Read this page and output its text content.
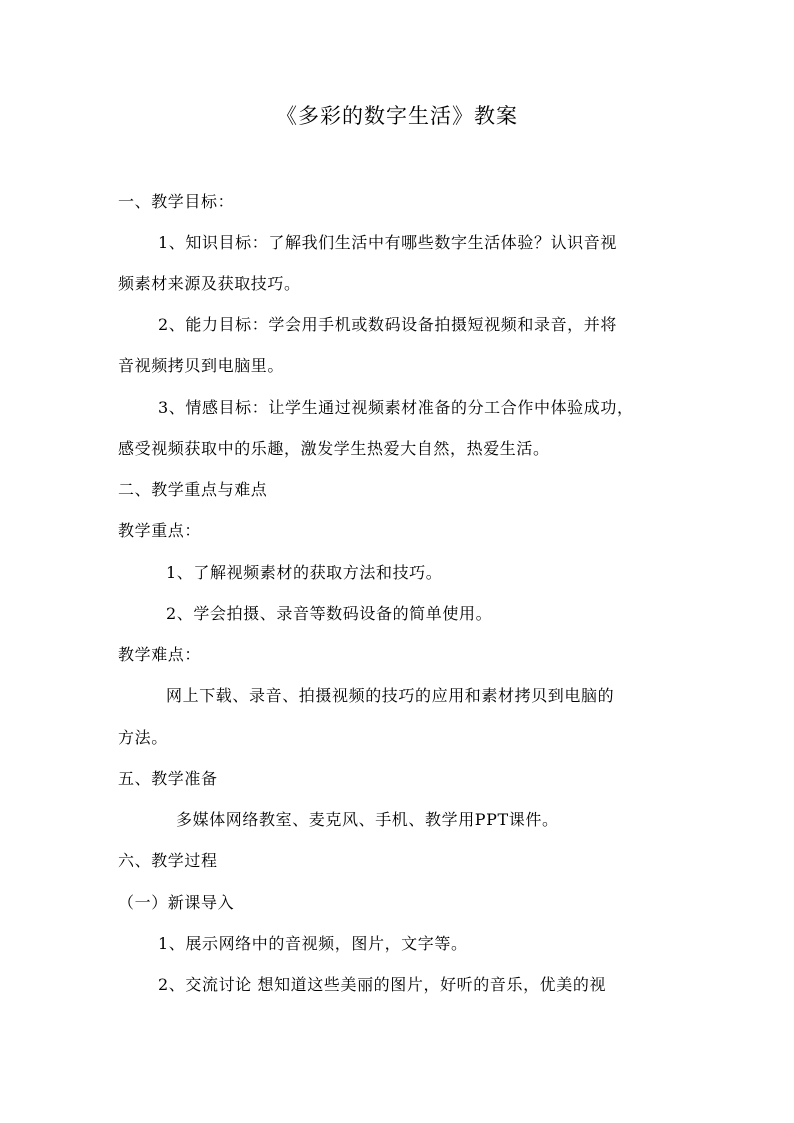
《多彩的数字生活》教案
一、教学目标：
1、知识目标：了解我们生活中有哪些数字生活体验？认识音视
频素材来源及获取技巧。
2、能力目标：学会用手机或数码设备拍摄短视频和录音，并将
音视频拷贝到电脑里。
3、情感目标：让学生通过视频素材准备的分工合作中体验成功，
感受视频获取中的乐趣，激发学生热爱大自然，热爱生活。
二、教学重点与难点
教学重点：
1、了解视频素材的获取方法和技巧。
2、学会拍摄、录音等数码设备的简单使用。
教学难点：
网上下载、录音、拍摄视频的技巧的应用和素材拷贝到电脑的
方法。
五、教学准备
多媒体网络教室、麦克风、手机、教学用PPT课件。
六、教学过程
（一）新课导入
1、展示网络中的音视频，图片，文字等。
2、交流讨论 想知道这些美丽的图片，好听的音乐，优美的视
